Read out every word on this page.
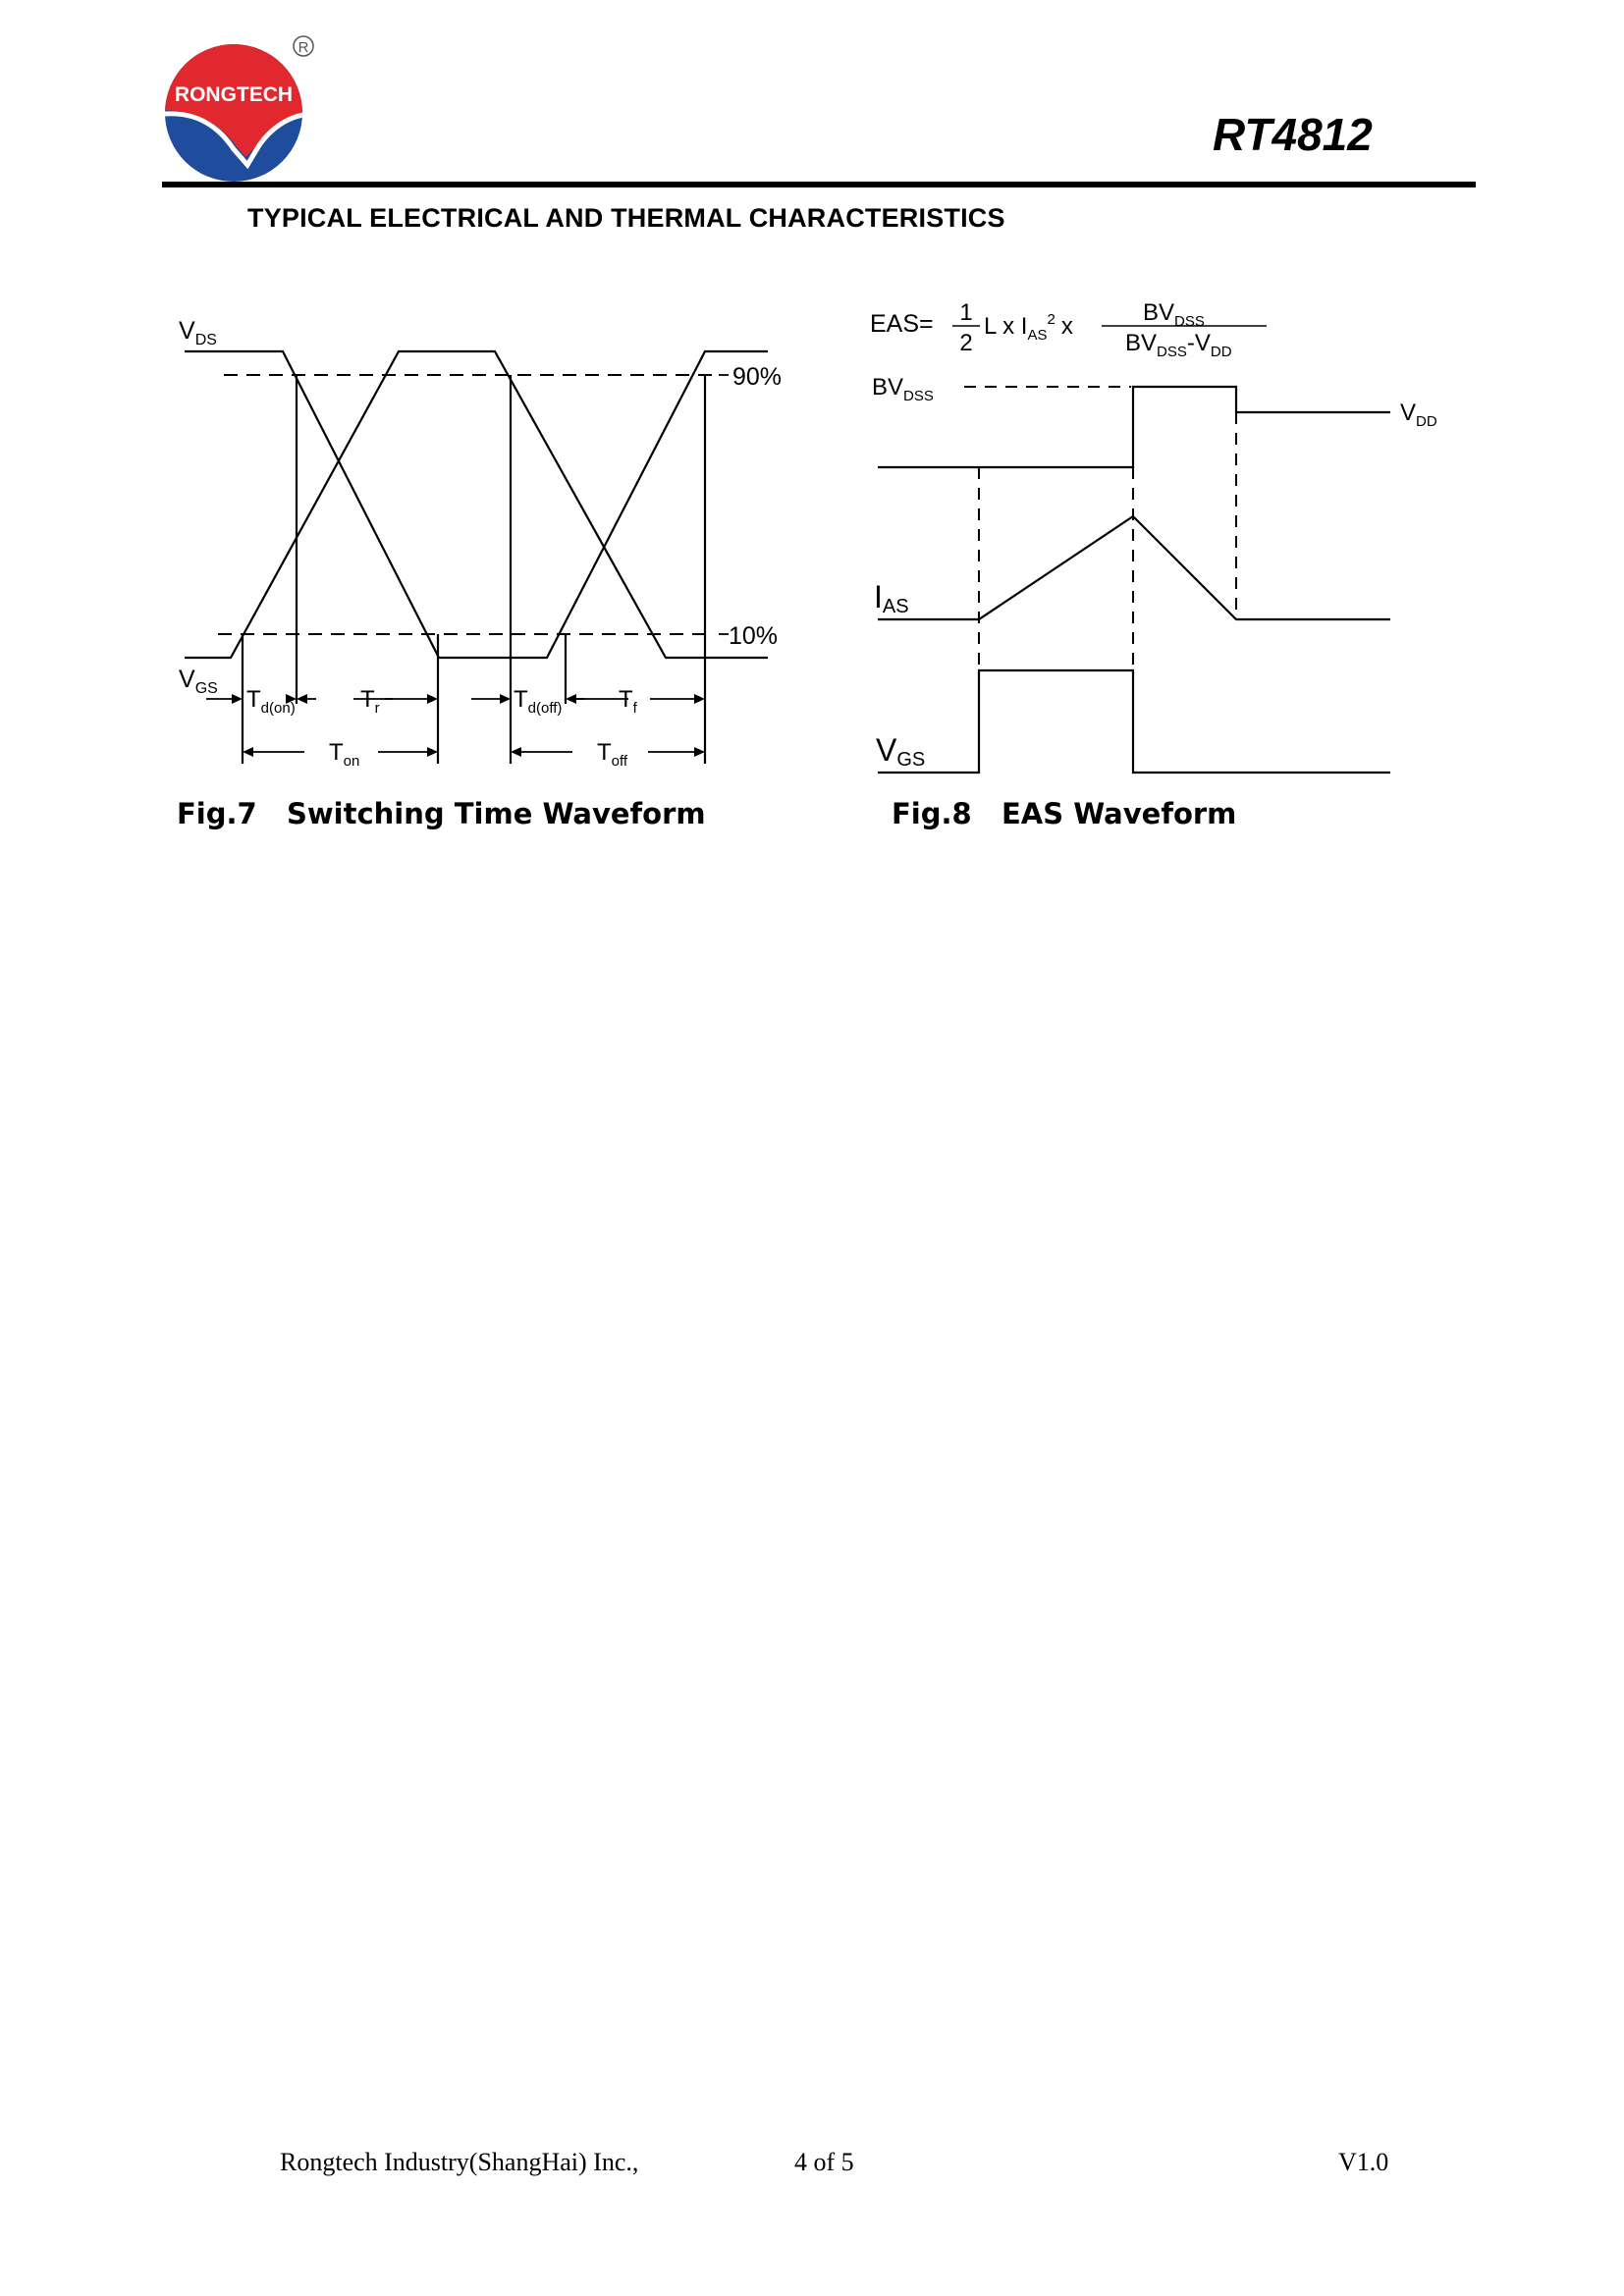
RONGTECH
R
RT4812
TYPICAL ELECTRICAL AND THERMAL CHARACTERISTICS
$V_{DS}$
$V_{GS}$
90%
10%
$T_{d(on)}$	$T_r$	$T_{d(off)}$ $T_f$
$T_{on}$	$T_{off}$
Fig.7   Switching Time Waveform
EAS= 1
2
L x $I_{AS}^2$ x
$BV_{DSS}$
$BV_{DSS}-V_{DD}$
$BV_{DSS}$
$V_{DD}$
IAS
VGS
Fig.8   EAS Waveform
Rongtech Industry(ShangHai) Inc.,	4 of 5	V1.0
